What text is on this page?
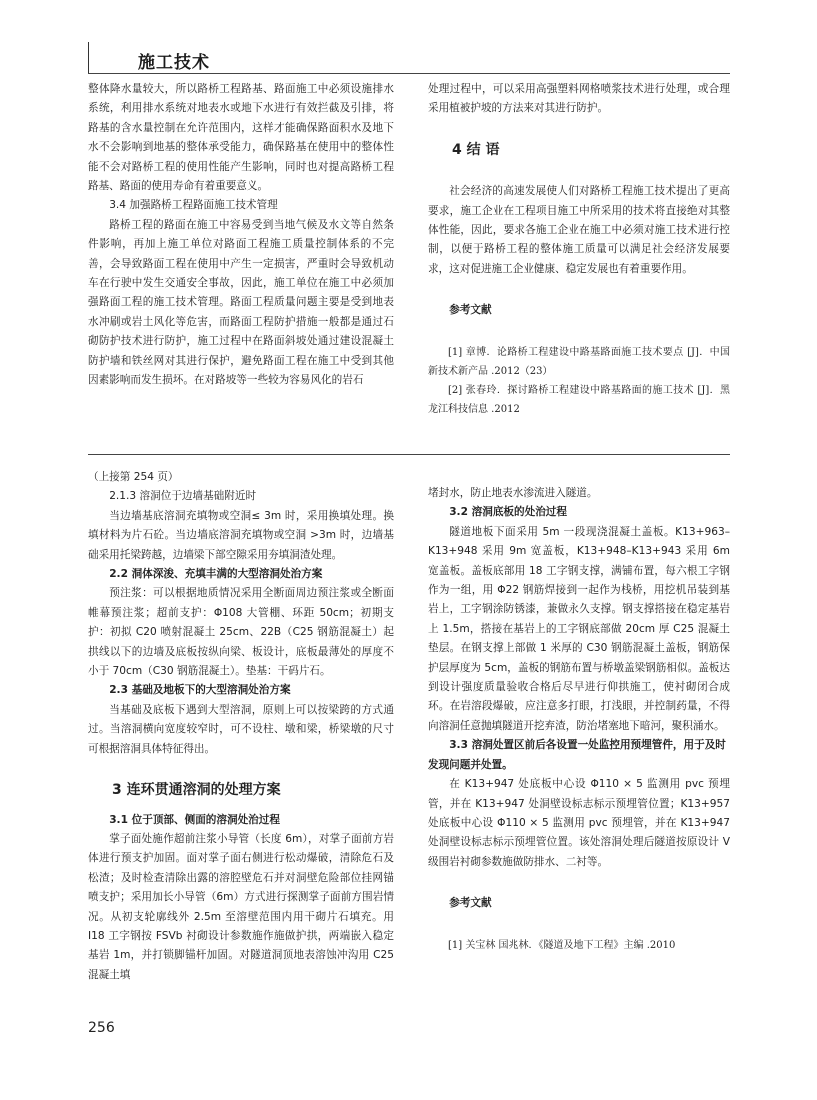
施工技术

整体降水量较大，所以路桥工程路基、路面施工中必须设施排水系统，利用排水系统对地表水或地下水进行有效拦截及引排，将路基的含水量控制在允许范围内，这样才能确保路面积水及地下水不会影响到地基的整体承受能力，确保路基在使用中的整体性能不会对路桥工程的使用性能产生影响，同时也对提高路桥工程路基、路面的使用寿命有着重要意义。

3.4 加强路桥工程路面施工技术管理

路桥工程的路面在施工中容易受到当地气候及水文等自然条件影响，再加上施工单位对路面工程施工质量控制体系的不完善，会导致路面工程在使用中产生一定损害，严重时会导致机动车在行驶中发生交通安全事故，因此，施工单位在施工中必须加强路面工程的施工技术管理。路面工程质量问题主要是受到地表水冲刷或岩土风化等危害，而路面工程防护措施一般都是通过石砌防护技术进行防护，施工过程中在路面斜坡处通过建设混凝土防护墙和铁丝网对其进行保护，避免路面工程在施工中受到其他因素影响而发生损坏。在对路坡等一些较为容易风化的岩石

处理过程中，可以采用高强塑料网格喷浆技术进行处理，或合理采用植被护坡的方法来对其进行防护。

4 结 语

社会经济的高速发展使人们对路桥工程施工技术提出了更高要求，施工企业在工程项目施工中所采用的技术将直接绝对其整体性能，因此，要求各施工企业在施工中必须对施工技术进行控制，以便于路桥工程的整体施工质量可以满足社会经济发展要求，这对促进施工企业健康、稳定发展也有着重要作用。

参考文献

[1] 章博．论路桥工程建设中路基路面施工技术要点 [J]．中国新技术新产品 .2012（23）

[2] 张春玲．探讨路桥工程建设中路基路面的施工技术 [J]．黑龙江科技信息 .2012

（上接第 254 页）

2.1.3 溶洞位于边墙基础附近时

当边墙基底溶洞充填物或空洞≤ 3m 时，采用换填处理。换填材料为片石砼。当边墙底溶洞充填物或空洞 >3m 时，边墙基础采用托梁跨越，边墙梁下部空隙采用夯填洞渣处理。

2.2 洞体深浚、充填丰满的大型溶洞处治方案

预注浆：可以根据地质情况采用全断面周边预注浆或全断面帷幕预注浆；超前支护：Φ108 大管棚、环距 50cm；初期支护：初拟 C20 喷射混凝土 25cm、22B（C25 钢筋混凝土）起拱线以下的边墙及底板按纵向梁、板设计，底板最薄处的厚度不小于 70cm（C30 钢筋混凝土）。垫基：干码片石。

2.3 基础及地板下的大型溶洞处治方案

当基础及底板下遇到大型溶洞，原则上可以按梁跨的方式通过。当溶洞横向宽度较窄时，可不设柱、墩和梁，桥梁墩的尺寸可根据溶洞具体特征得出。

3 连环贯通溶洞的处理方案
3.1 位于顶部、侧面的溶洞处治过程

掌子面处施作超前注浆小导管（长度 6m），对掌子面前方岩体进行预支护加固。面对掌子面右侧进行松动爆破，清除危石及松渣；及时检查清除出露的溶腔壁危石并对洞壁危险部位挂网锚喷支护；采用加长小导管（6m）方式进行探测掌子面前方围岩情况。从初支轮廓线外 2.5m 至溶壁范围内用干砌片石填充。用 I18 工字钢按 FSVb 衬砌设计参数施作施做护拱，两端嵌入稳定基岩 1m，并打锁脚锚杆加固。对隧道洞顶地表溶蚀冲沟用 C25 混凝土填

堵封水，防止地表水渗流进入隧道。

3.2 溶洞底板的处治过程

隧道地板下面采用 5m 一段现浇混凝土盖板。K13+963–K13+948 采用 9m 宽盖板，K13+948–K13+943 采用 6m 宽盖板。盖板底部用 18 工字钢支撑，满铺布置，每六根工字钢作为一组，用 Φ22 钢筋焊接到一起作为栈桥，用挖机吊装到基岩上，工字钢涂防锈漆，兼做永久支撑。钢支撑搭接在稳定基岩上 1.5m，搭接在基岩上的工字钢底部做 20cm 厚 C25 混凝土垫层。在钢支撑上部做 1 米厚的 C30 钢筋混凝土盖板，钢筋保护层厚度为 5cm，盖板的钢筋布置与桥墩盖梁钢筋相似。盖板达到设计强度质量验收合格后尽早进行仰拱施工，使衬砌闭合成环。在岩溶段爆破，应注意多打眼，打浅眼，并控制药量，不得向溶洞任意抛填隧道开挖弃渣，防治堵塞地下暗河，聚积涌水。

3.3 溶洞处置区前后各设置一处监控用预埋管件，用于及时发现问题并处置。

在 K13+947 处底板中心设 Φ110 × 5 监测用 pvc 预埋管，并在 K13+947 处洞壁设标志标示预埋管位置；K13+957 处底板中心设 Φ110 × 5 监测用 pvc 预埋管，并在 K13+947 处洞壁设标志标示预埋管位置。该处溶洞处理后隧道按原设计 V 级围岩衬砌参数施做防排水、二衬等。

参考文献

[1] 关宝林 国兆林．《隧道及地下工程》主编 .2010

256
